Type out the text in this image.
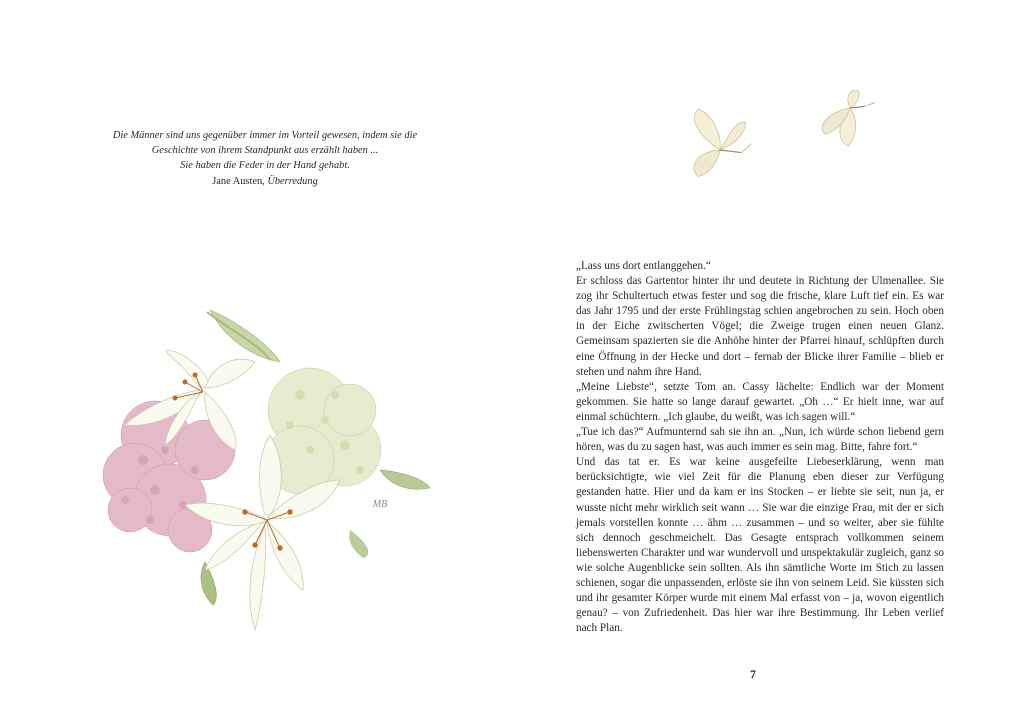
Die Männer sind uns gegenüber immer im Vorteil gewesen, indem sie die
Geschichte von ihrem Standpunkt aus erzählt haben ...
Sie haben die Feder in der Hand gehabt.
Jane Austen, Überredung
MB

„Lass uns dort entlanggehen.“

Er schloss das Gartentor hinter ihr und deutete in Richtung der Ulmenallee. Sie zog ihr Schultertuch etwas fester und sog die frische, klare Luft tief ein. Es war das Jahr 1795 und der erste Frühlingstag schien angebrochen zu sein. Hoch oben in der Eiche zwitscherten Vögel; die Zweige trugen einen neuen Glanz. Gemeinsam spazierten sie die Anhöhe hinter der Pfarrei hinauf, schlüpften durch eine Öffnung in der Hecke und dort – fernab der Blicke ihrer Familie – blieb er stehen und nahm ihre Hand.

„Meine Liebste“, setzte Tom an. Cassy lächelte: Endlich war der Moment gekommen. Sie hatte so lange darauf gewartet. „Oh …“ Er hielt inne, war auf einmal schüchtern. „Ich glaube, du weißt, was ich sagen will.“

„Tue ich das?“ Aufmunternd sah sie ihn an. „Nun, ich würde schon liebend gern hören, was du zu sagen hast, was auch immer es sein mag. Bitte, fahre fort.“

Und das tat er. Es war keine ausgefeilte Liebeserklärung, wenn man berücksichtigte, wie viel Zeit für die Planung eben dieser zur Verfügung gestanden hatte. Hier und da kam er ins Stocken – er liebte sie seit, nun ja, er wusste nicht mehr wirklich seit wann … Sie war die einzige Frau, mit der er sich jemals vorstellen konnte … ähm … zusammen – und so weiter, aber sie fühlte sich dennoch geschmeichelt. Das Gesagte entsprach vollkommen seinem liebenswerten Charakter und war wundervoll und unspektakulär zugleich, ganz so wie solche Augenblicke sein sollten. Als ihn sämtliche Worte im Stich zu lassen schienen, sogar die unpassenden, erlöste sie ihn von seinem Leid. Sie küssten sich und ihr gesamter Körper wurde mit einem Mal erfasst von – ja, wovon eigentlich genau? – von Zufriedenheit. Das hier war ihre Bestimmung. Ihr Leben verlief nach Plan.

7
